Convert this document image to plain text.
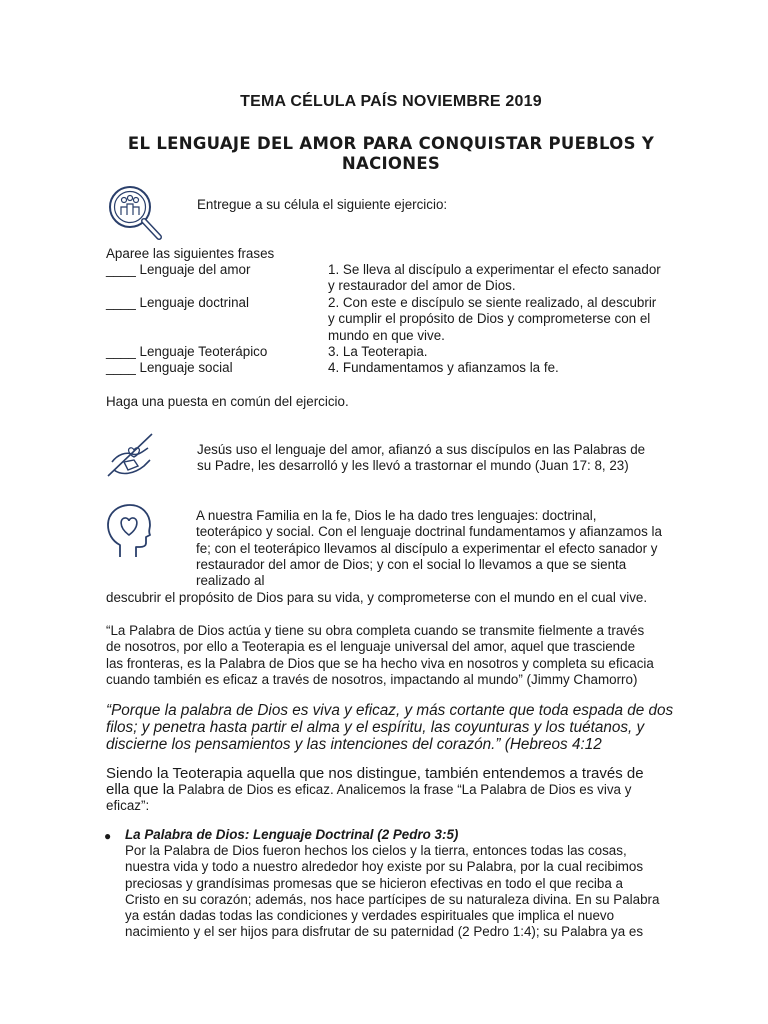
TEMA CÉLULA PAÍS NOVIEMBRE 2019
EL LENGUAJE DEL AMOR PARA CONQUISTAR PUEBLOS Y
NACIONES
Entregue a su célula el siguiente ejercicio:
Aparee las siguientes frases
____ Lenguaje del amor	1. Se lleva al discípulo a experimentar el efecto sanador
y restaurador del amor de Dios.
____ Lenguaje doctrinal	2. Con este e discípulo se siente realizado, al descubrir
y cumplir el propósito de Dios y comprometerse con el
mundo en que vive.
____ Lenguaje Teoterápico	3. La Teoterapia.
____ Lenguaje social	4. Fundamentamos y afianzamos la fe.
Haga una puesta en común del ejercicio.
Jesús uso el lenguaje del amor, afianzó a sus discípulos en las Palabras de
su Padre, les desarrolló y les llevó a trastornar el mundo (Juan 17: 8, 23)
A nuestra Familia en la fe, Dios le ha dado tres lenguajes: doctrinal,
teoterápico y social. Con el lenguaje doctrinal fundamentamos y afianzamos la
fe; con el teoterápico llevamos al discípulo a experimentar el efecto sanador y
restaurador del amor de Dios; y con el social lo llevamos a que se sienta
realizado al
descubrir el propósito de Dios para su vida, y comprometerse con el mundo en el cual vive.
“La Palabra de Dios actúa y tiene su obra completa cuando se transmite fielmente a través
de nosotros, por ello a Teoterapia es el lenguaje universal del amor, aquel que trasciende
las fronteras, es la Palabra de Dios que se ha hecho viva en nosotros y completa su eficacia
cuando también es eficaz a través de nosotros, impactando al mundo” (Jimmy Chamorro)
“Porque la palabra de Dios es viva y eficaz, y más cortante que toda espada de dos
filos; y penetra hasta partir el alma y el espíritu, las coyunturas y los tuétanos, y
discierne los pensamientos y las intenciones del corazón.” (Hebreos 4:12
Siendo la Teoterapia aquella que nos distingue, también entendemos a través de
ella que la Palabra de Dios es eficaz. Analicemos la frase “La Palabra de Dios es viva y
eficaz”:
● La Palabra de Dios: Lenguaje Doctrinal (2 Pedro 3:5)
Por la Palabra de Dios fueron hechos los cielos y la tierra, entonces todas las cosas,
nuestra vida y todo a nuestro alrededor hoy existe por su Palabra, por la cual recibimos
preciosas y grandísimas promesas que se hicieron efectivas en todo el que reciba a
Cristo en su corazón; además, nos hace partícipes de su naturaleza divina. En su Palabra
ya están dadas todas las condiciones y verdades espirituales que implica el nuevo
nacimiento y el ser hijos para disfrutar de su paternidad (2 Pedro 1:4); su Palabra ya es
